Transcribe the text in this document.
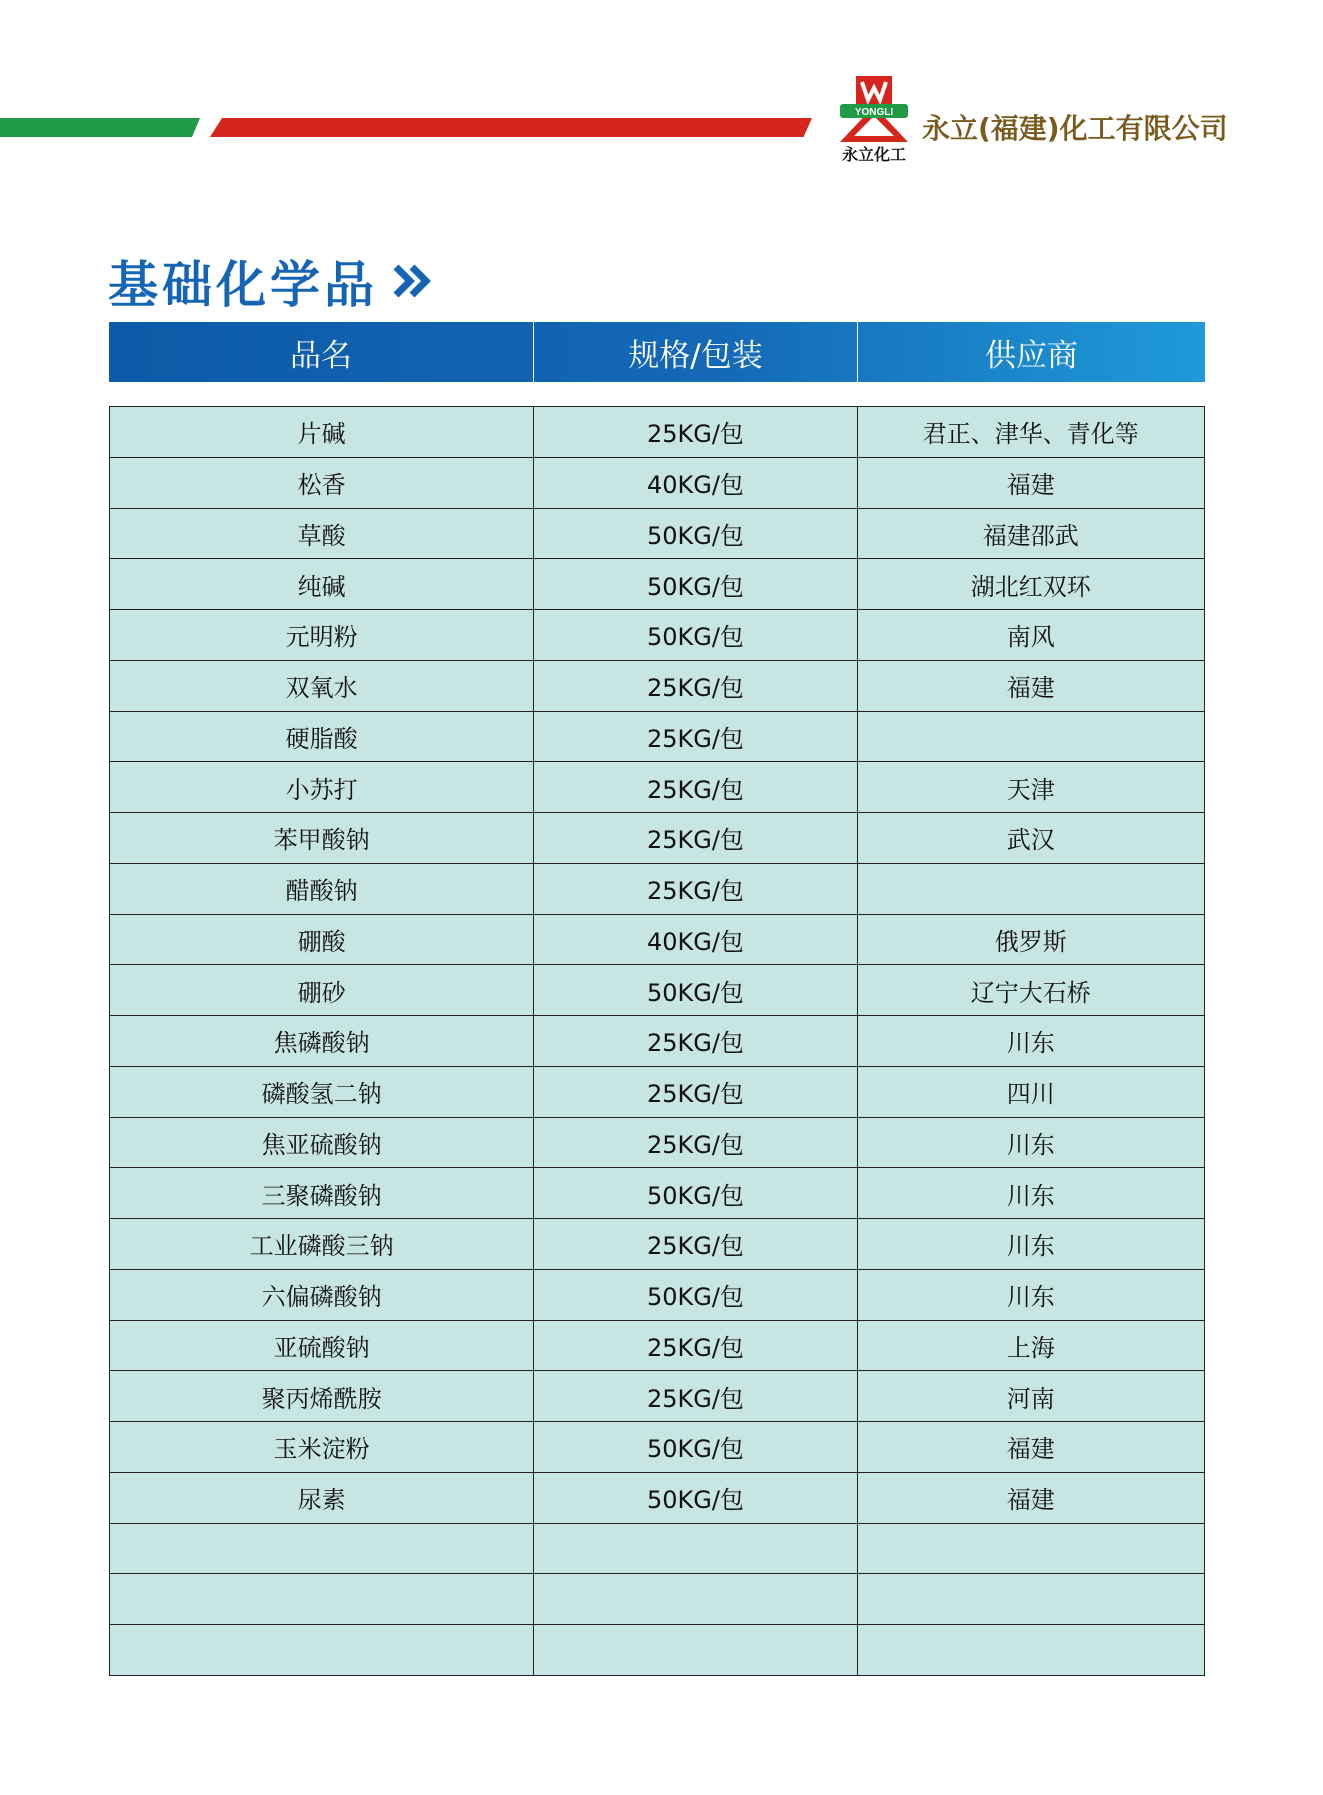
YONGLI
永立化工
永立(福建)化工有限公司
基础化学品
品名	规格/包装	供应商
片碱	25KG/包	君正、津华、青化等
松香	40KG/包	福建
草酸	50KG/包	福建邵武
纯碱	50KG/包	湖北红双环
元明粉	50KG/包	南风
双氧水	25KG/包	福建
硬脂酸	25KG/包
小苏打	25KG/包	天津
苯甲酸钠	25KG/包	武汉
醋酸钠	25KG/包
硼酸	40KG/包	俄罗斯
硼砂	50KG/包	辽宁大石桥
焦磷酸钠	25KG/包	川东
磷酸氢二钠	25KG/包	四川
焦亚硫酸钠	25KG/包	川东
三聚磷酸钠	50KG/包	川东
工业磷酸三钠	25KG/包	川东
六偏磷酸钠	50KG/包	川东
亚硫酸钠	25KG/包	上海
聚丙烯酰胺	25KG/包	河南
玉米淀粉	50KG/包	福建
尿素	50KG/包	福建
